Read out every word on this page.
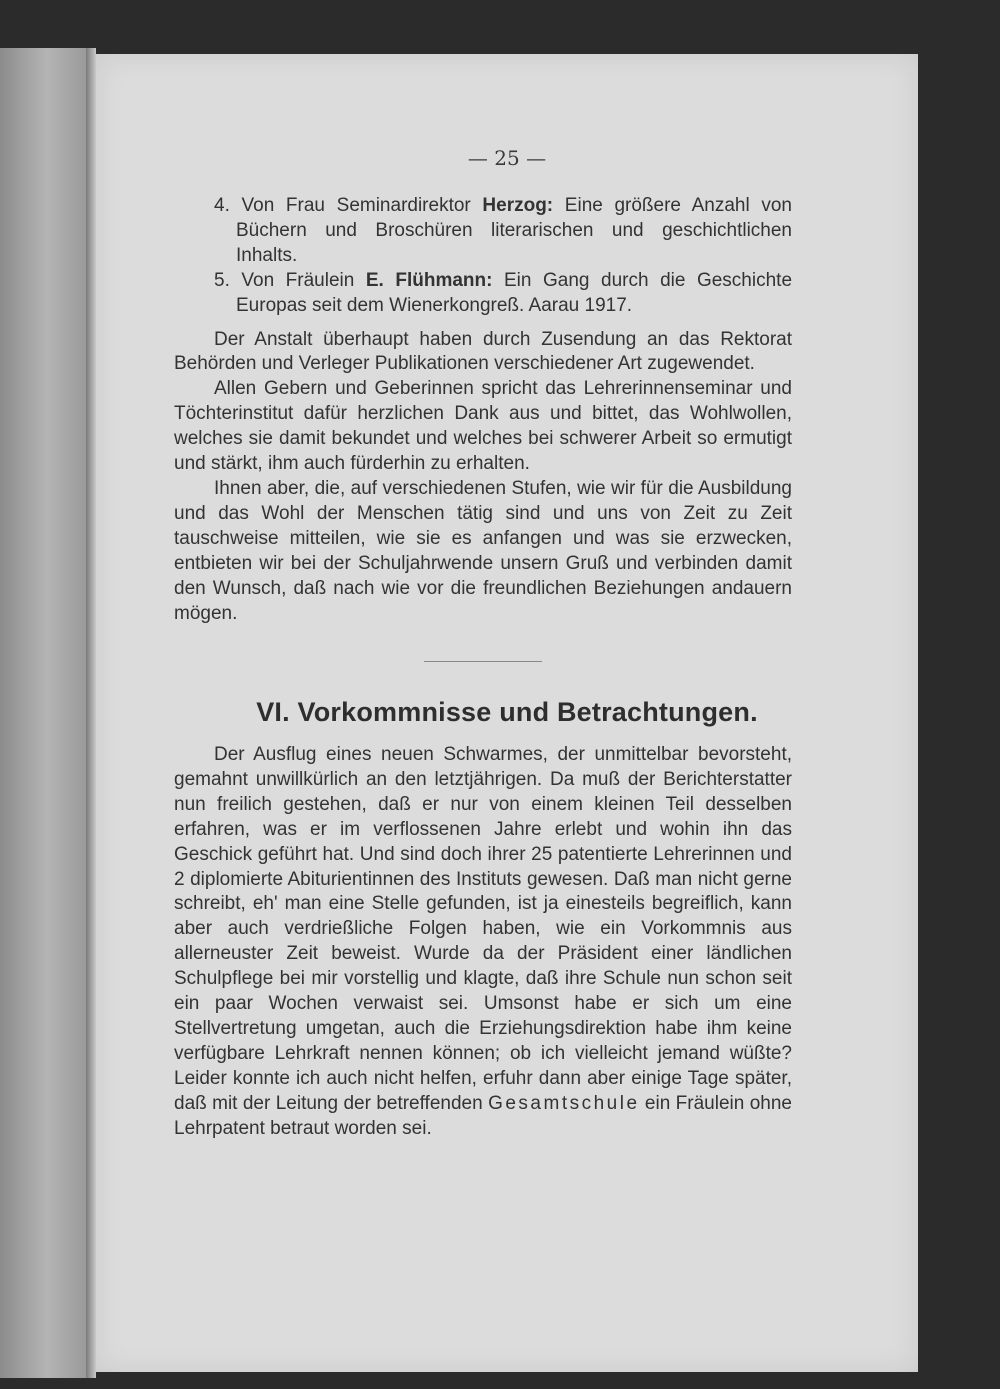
— 25 —

4. Von Frau Seminardirektor Herzog: Eine größere Anzahl von Büchern und Broschüren literarischen und geschichtlichen Inhalts.

5. Von Fräulein E. Flühmann: Ein Gang durch die Geschichte Europas seit dem Wienerkongreß. Aarau 1917.

Der Anstalt überhaupt haben durch Zusendung an das Rektorat Behörden und Verleger Publikationen verschiedener Art zugewendet.

Allen Gebern und Geberinnen spricht das Lehrerinnenseminar und Töchterinstitut dafür herzlichen Dank aus und bittet, das Wohlwollen, welches sie damit bekundet und welches bei schwerer Arbeit so ermutigt und stärkt, ihm auch fürderhin zu erhalten.

Ihnen aber, die, auf verschiedenen Stufen, wie wir für die Ausbildung und das Wohl der Menschen tätig sind und uns von Zeit zu Zeit tauschweise mitteilen, wie sie es anfangen und was sie erzwecken, entbieten wir bei der Schuljahrwende unsern Gruß und verbinden damit den Wunsch, daß nach wie vor die freundlichen Beziehungen andauern mögen.

VI. Vorkommnisse und Betrachtungen.

Der Ausflug eines neuen Schwarmes, der unmittelbar bevorsteht, gemahnt unwillkürlich an den letztjährigen. Da muß der Berichterstatter nun freilich gestehen, daß er nur von einem kleinen Teil desselben erfahren, was er im verflossenen Jahre erlebt und wohin ihn das Geschick geführt hat. Und sind doch ihrer 25 patentierte Lehrerinnen und 2 diplomierte Abiturientinnen des Instituts gewesen. Daß man nicht gerne schreibt, eh' man eine Stelle gefunden, ist ja einesteils begreiflich, kann aber auch verdrießliche Folgen haben, wie ein Vorkommnis aus allerneuster Zeit beweist. Wurde da der Präsident einer ländlichen Schulpflege bei mir vorstellig und klagte, daß ihre Schule nun schon seit ein paar Wochen verwaist sei. Umsonst habe er sich um eine Stellvertretung umgetan, auch die Erziehungsdirektion habe ihm keine verfügbare Lehrkraft nennen können; ob ich vielleicht jemand wüßte? Leider konnte ich auch nicht helfen, erfuhr dann aber einige Tage später, daß mit der Leitung der betreffenden Gesamtschule ein Fräulein ohne Lehrpatent betraut worden sei.
